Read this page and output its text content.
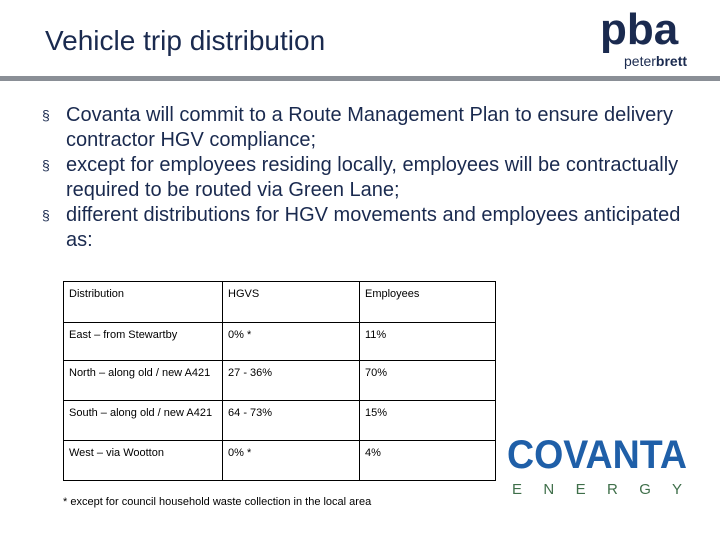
Vehicle trip distribution	pba
peterbrett
§ Covanta will commit to a Route Management Plan to ensure delivery contractor HGV compliance;
§ except for employees residing locally, employees will be contractually required to be routed via Green Lane;
§ different distributions for HGV movements and employees anticipated as:
Distribution	HGVS	Employees
East – from Stewartby	0% *	11%
North – along old / new A421	27 - 36%	70%
South – along old / new A421	64 - 73%	15%
West – via Wootton	0% *	4%
* except for council household waste collection in the local area
COVANTA
E N E R G Y
